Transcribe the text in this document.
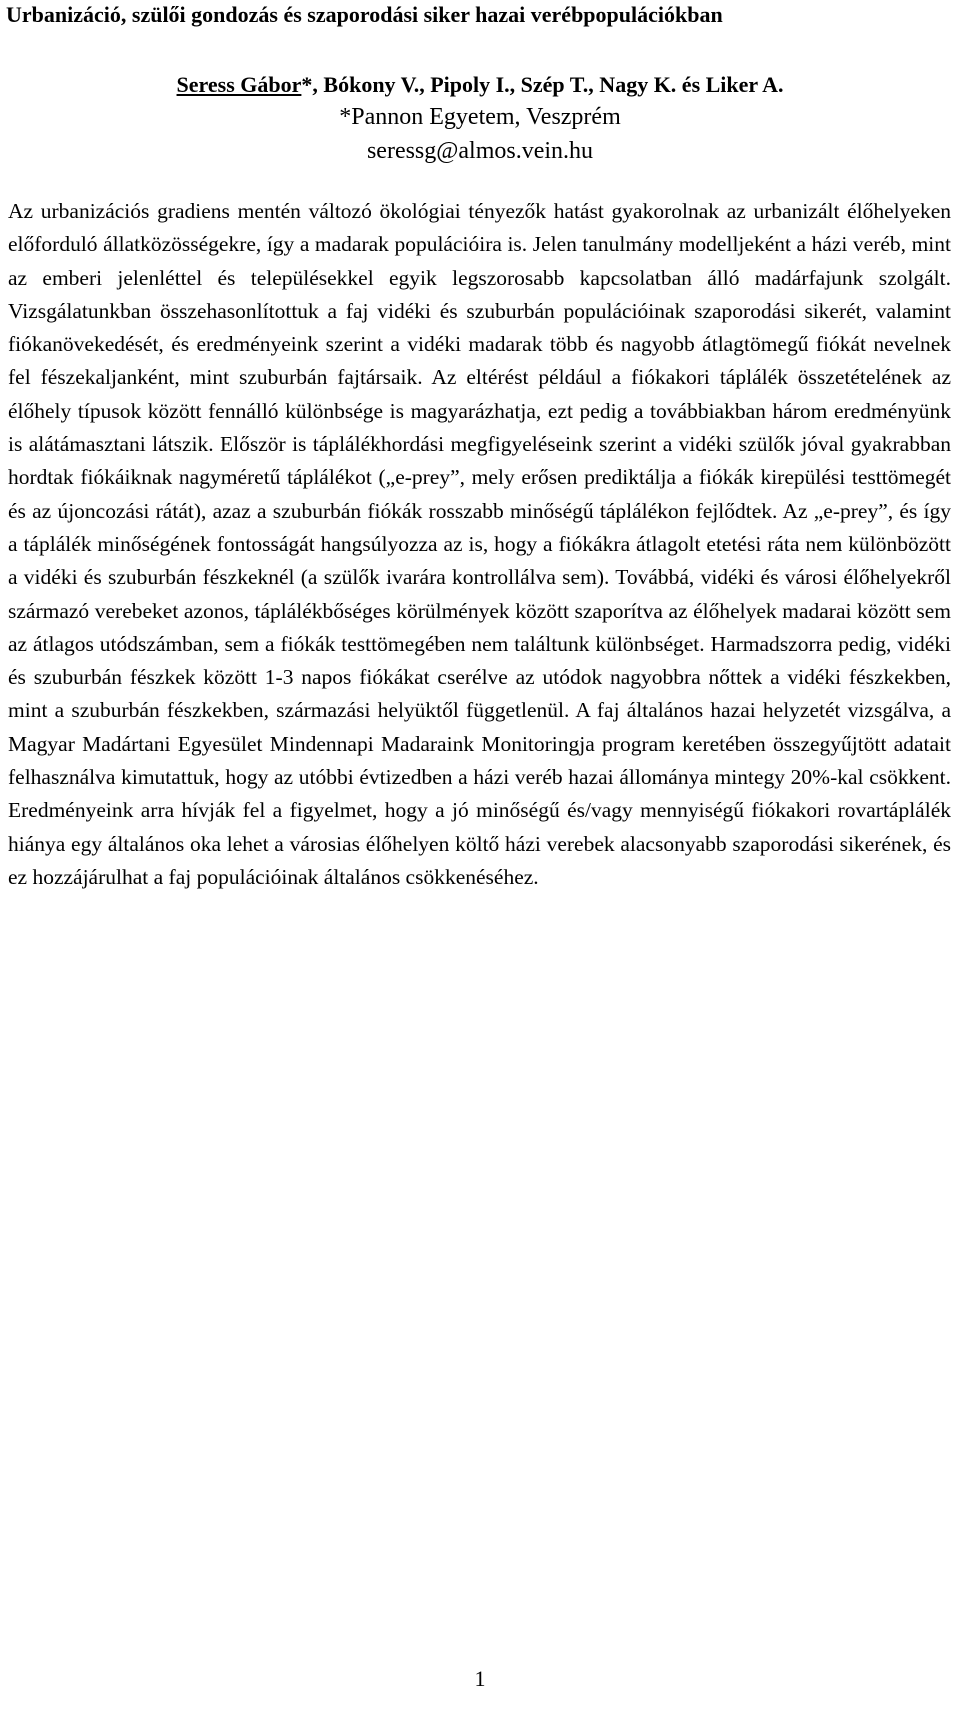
Urbanizáció, szülői gondozás és szaporodási siker hazai verébpopulációkban
Seress Gábor*, Bókony V., Pipoly I., Szép T., Nagy K. és Liker A.
*Pannon Egyetem, Veszprém
seressg@almos.vein.hu
Az urbanizációs gradiens mentén változó ökológiai tényezők hatást gyakorolnak az urbanizált élőhelyeken előforduló állatközösségekre, így a madarak populációira is. Jelen tanulmány modelljeként a házi veréb, mint az emberi jelenléttel és településekkel egyik legszorosabb kapcsolatban álló madárfajunk szolgált. Vizsgálatunkban összehasonlítottuk a faj vidéki és szuburbán populációinak szaporodási sikerét, valamint fiókanövekedését, és eredményeink szerint a vidéki madarak több és nagyobb átlagtömegű fiókát nevelnek fel fészekaljanként, mint szuburbán fajtársaik. Az eltérést például a fiókakori táplálék összetételének az élőhely típusok között fennálló különbsége is magyarázhatja, ezt pedig a továbbiakban három eredményünk is alátámasztani látszik. Először is táplálékhordási megfigyeléseink szerint a vidéki szülők jóval gyakrabban hordtak fiókáiknak nagyméretű táplálékot („e-prey”, mely erősen prediktálja a fiókák kirepülési testtömegét és az újoncozási rátát), azaz a szuburbán fiókák rosszabb minőségű táplálékon fejlődtek. Az „e-prey”, és így a táplálék minőségének fontosságát hangsúlyozza az is, hogy a fiókákra átlagolt etetési ráta nem különbözött a vidéki és szuburbán fészkeknél (a szülők ivarára kontrollálva sem). Továbbá, vidéki és városi élőhelyekről származó verebeket azonos, táplálékbőséges körülmények között szaporítva az élőhelyek madarai között sem az átlagos utódszámban, sem a fiókák testtömegében nem találtunk különbséget. Harmadszorra pedig, vidéki és szuburbán fészkek között 1-3 napos fiókákat cserélve az utódok nagyobbra nőttek a vidéki fészkekben, mint a szuburbán fészkekben, származási helyüktől függetlenül. A faj általános hazai helyzetét vizsgálva, a Magyar Madártani Egyesület Mindennapi Madaraink Monitoringja program keretében összegyűjtött adatait felhasználva kimutattuk, hogy az utóbbi évtizedben a házi veréb hazai állománya mintegy 20%-kal csökkent. Eredményeink arra hívják fel a figyelmet, hogy a jó minőségű és/vagy mennyiségű fiókakori rovartáplálék hiánya egy általános oka lehet a városias élőhelyen költő házi verebek alacsonyabb szaporodási sikerének, és ez hozzájárulhat a faj populációinak általános csökkenéséhez.
1
